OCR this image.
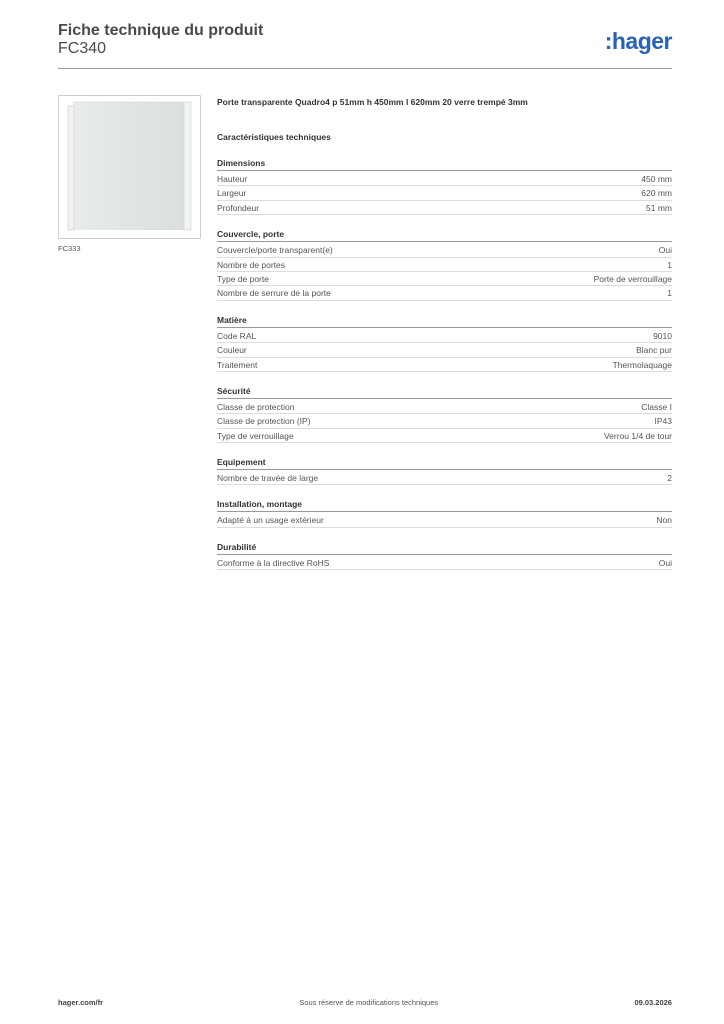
Fiche technique du produit
FC340	:hager
FC333
Porte transparente Quadro4 p 51mm h 450mm l 620mm 20 verre trempé 3mm
Caractéristiques techniques
Dimensions
Hauteur	450 mm
Largeur	620 mm
Profondeur	51 mm
Couvercle, porte
Couvercle/porte transparent(e)	Oui
Nombre de portes	1
Type de porte	Porte de verrouillage
Nombre de serrure de la porte	1
Matière
Code RAL	9010
Couleur	Blanc pur
Traitement	Thermolaquage
Sécurité
Classe de protection	Classe I
Classe de protection (IP)	IP43
Type de verrouillage	Verrou 1/4 de tour
Equipement
Nombre de travée de large	2
Installation, montage
Adapté à un usage extérieur	Non
Durabilité
Conforme à la directive RoHS	Oui
hager.com/fr	Sous réserve de modifications techniques	09.03.2026
